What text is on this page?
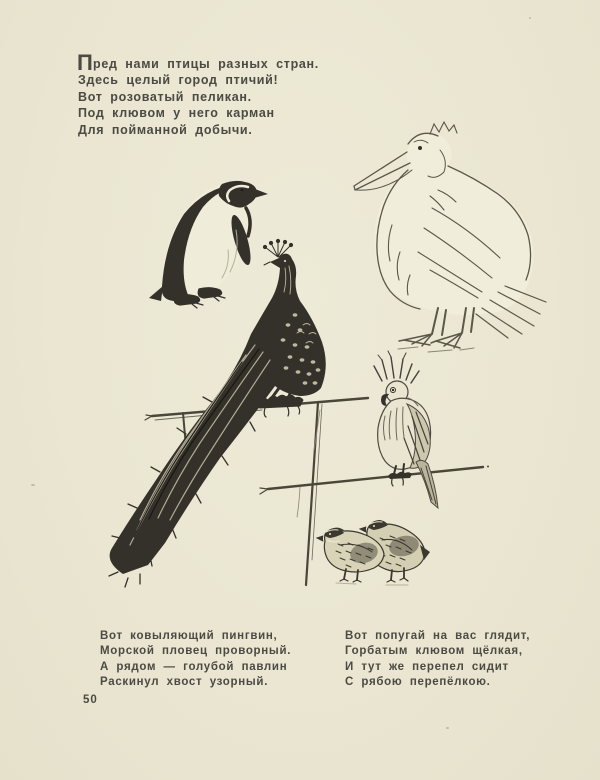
П ред нами птицы разных стран.
Здесь целый город птичий!
Вот розоватый пеликан.
Под клювом у него карман
Для пойманной добычи.
Вот ковыляющий пингвин,
Морской пловец проворный.
А рядом — голубой павлин
Раскинул хвост узорный.
Вот попугай на вас глядит,
Горбатым клювом щёлкая,
И тут же перепел сидит
С рябою перепёлкою.
50
